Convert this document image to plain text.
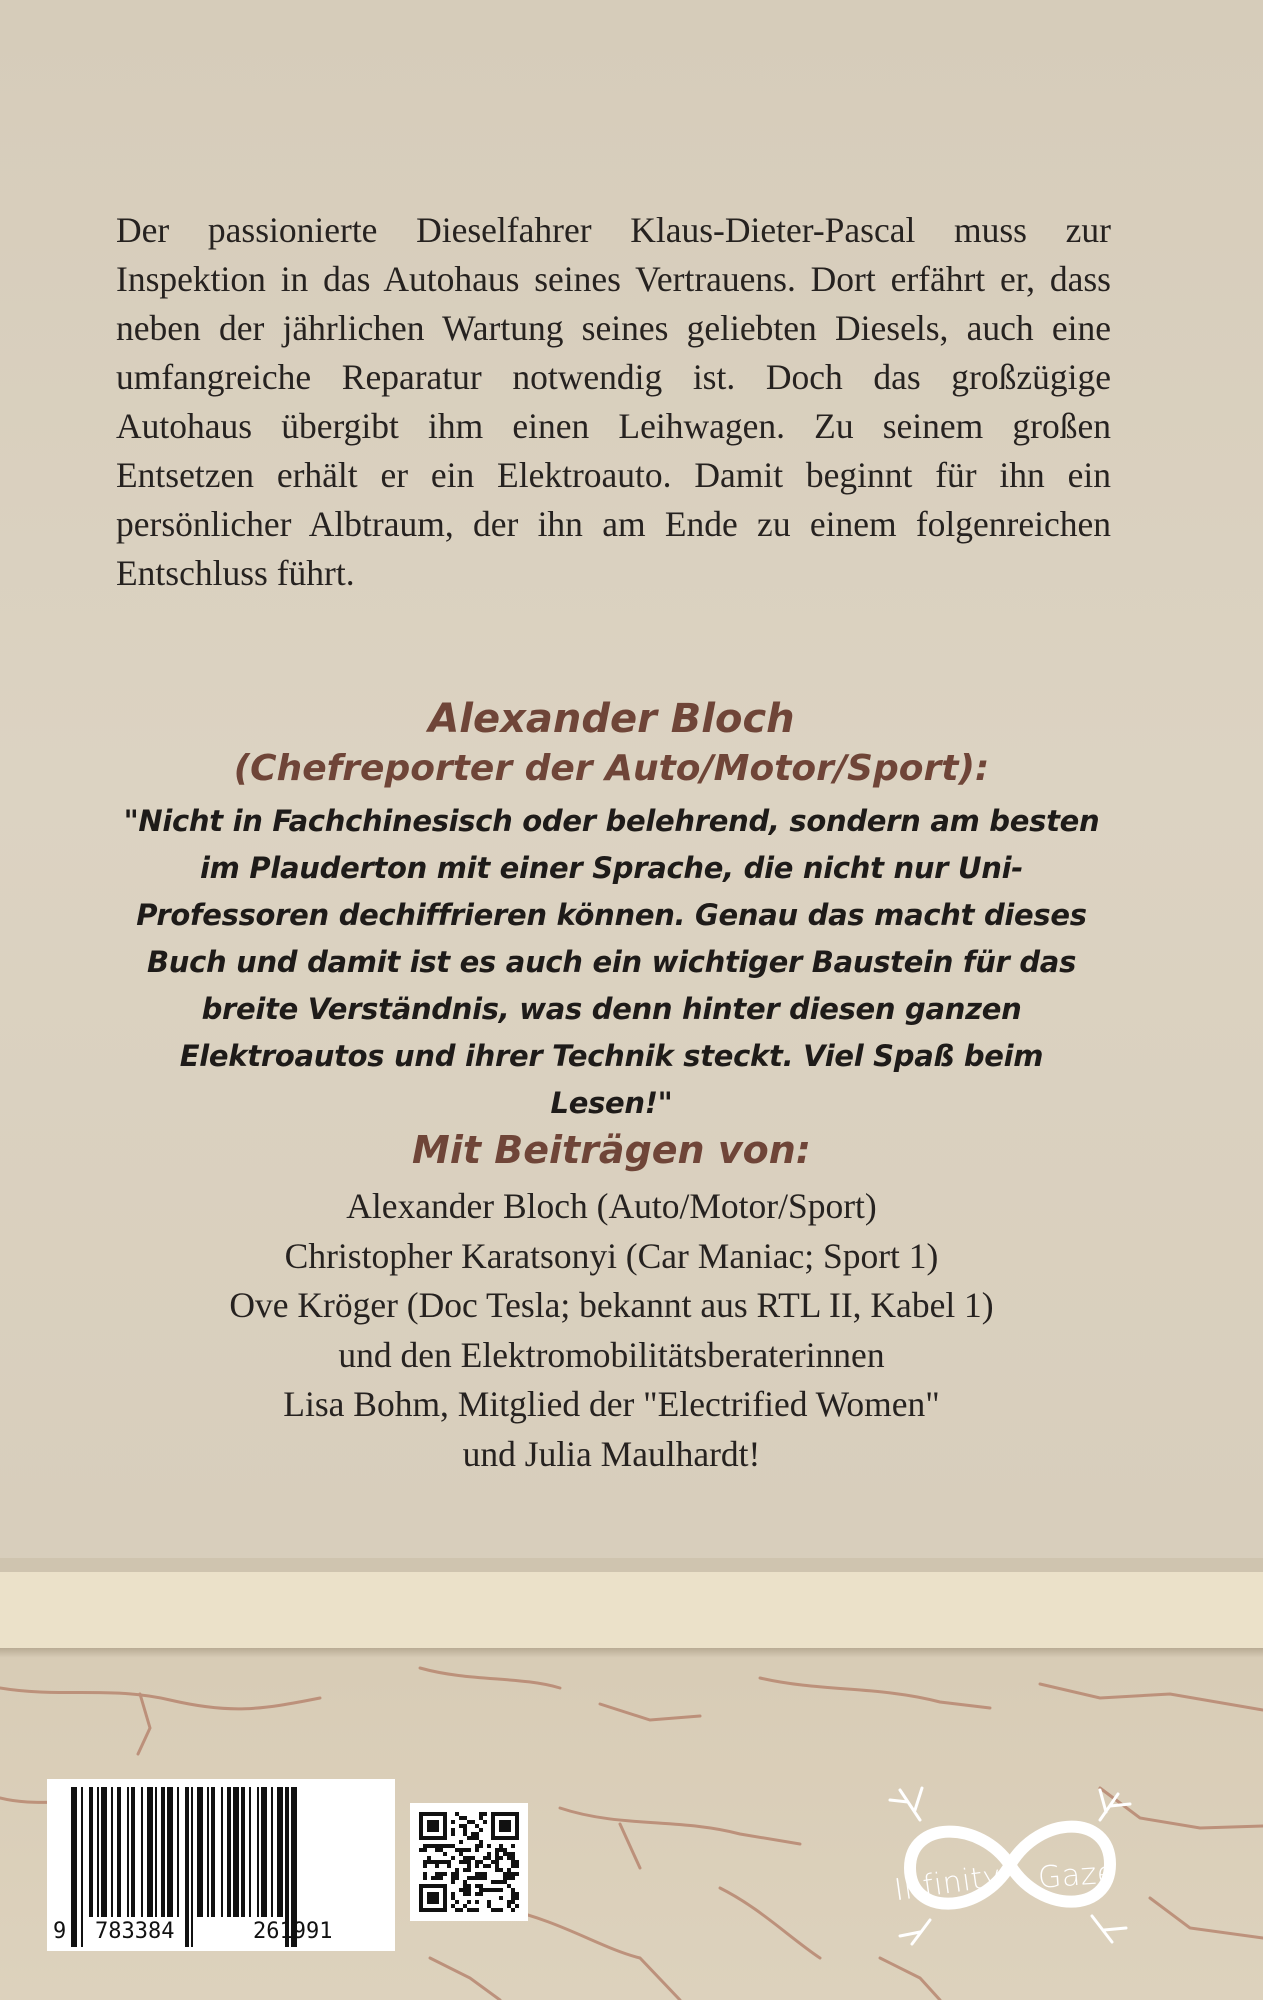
Der passionierte Dieselfahrer Klaus-Dieter-Pascal muss zur Inspektion in das Autohaus seines Vertrauens. Dort erfährt er, dass neben der jährlichen Wartung seines geliebten Diesels, auch eine umfangreiche Reparatur notwendig ist. Doch das großzügige Autohaus übergibt ihm einen Leihwagen. Zu seinem großen Entsetzen erhält er ein Elektroauto. Damit beginnt für ihn ein persönlicher Albtraum, der ihn am Ende zu einem folgenreichen Entschluss führt.

Alexander Bloch
(Chefreporter der Auto/Motor/Sport):

"Nicht in Fachchinesisch oder belehrend, sondern am besten im Plauderton mit einer Sprache, die nicht nur Uni-Professoren dechiffrieren können. Genau das macht dieses Buch und damit ist es auch ein wichtiger Baustein für das breite Verständnis, was denn hinter diesen ganzen Elektroautos und ihrer Technik steckt. Viel Spaß beim Lesen!"

Mit Beiträgen von:
Alexander Bloch (Auto/Motor/Sport)
Christopher Karatsonyi (Car Maniac; Sport 1)
Ove Kröger (Doc Tesla; bekannt aus RTL II, Kabel 1)
und den Elektromobilitätsberaterinnen
Lisa Bohm, Mitglied der "Electrified Women"
und Julia Maulhardt!
9 783384	261991
Infinity Gaze
